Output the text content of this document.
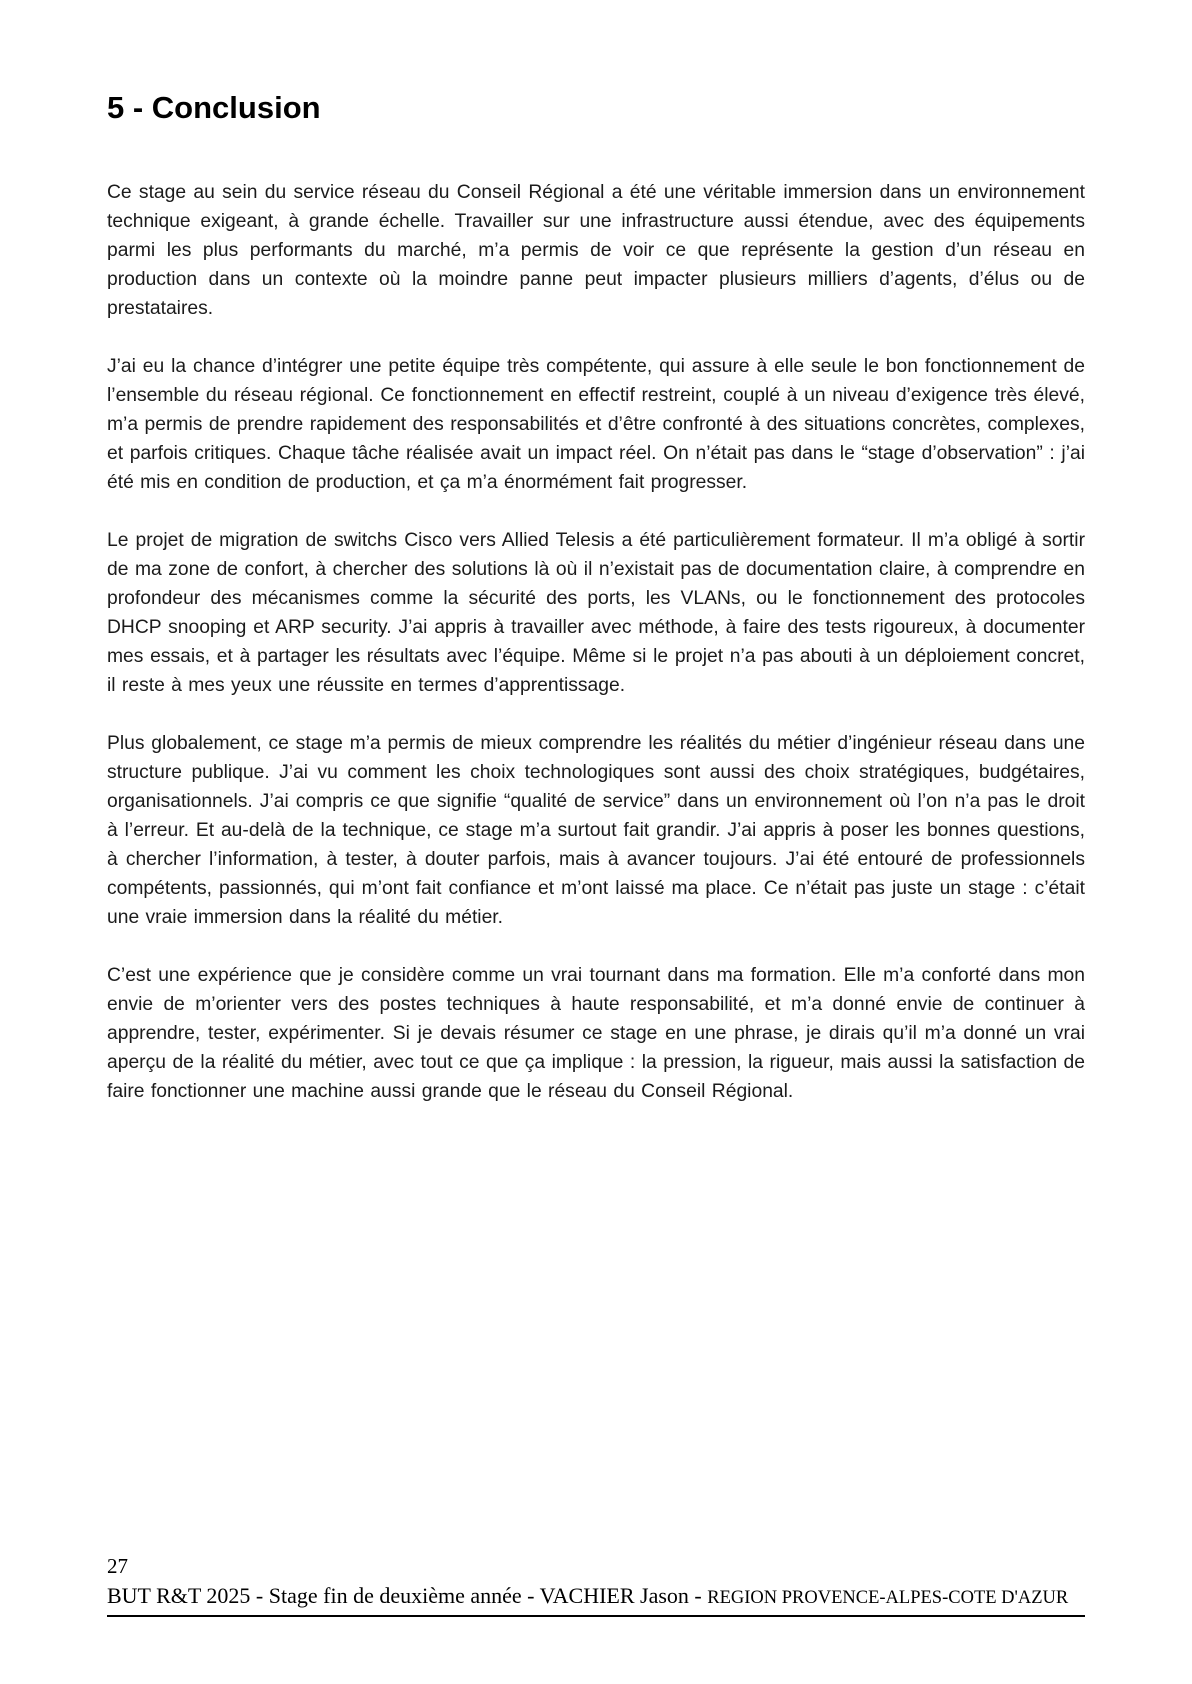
5 - Conclusion

Ce stage au sein du service réseau du Conseil Régional a été une véritable immersion dans un environnement technique exigeant, à grande échelle. Travailler sur une infrastructure aussi étendue, avec des équipements parmi les plus performants du marché, m’a permis de voir ce que représente la gestion d’un réseau en production dans un contexte où la moindre panne peut impacter plusieurs milliers d’agents, d’élus ou de prestataires.

J’ai eu la chance d’intégrer une petite équipe très compétente, qui assure à elle seule le bon fonctionnement de l’ensemble du réseau régional. Ce fonctionnement en effectif restreint, couplé à un niveau d’exigence très élevé, m’a permis de prendre rapidement des responsabilités et d’être confronté à des situations concrètes, complexes, et parfois critiques. Chaque tâche réalisée avait un impact réel. On n’était pas dans le “stage d’observation” : j’ai été mis en condition de production, et ça m’a énormément fait progresser.

Le projet de migration de switchs Cisco vers Allied Telesis a été particulièrement formateur. Il m’a obligé à sortir de ma zone de confort, à chercher des solutions là où il n’existait pas de documentation claire, à comprendre en profondeur des mécanismes comme la sécurité des ports, les VLANs, ou le fonctionnement des protocoles DHCP snooping et ARP security. J’ai appris à travailler avec méthode, à faire des tests rigoureux, à documenter mes essais, et à partager les résultats avec l’équipe. Même si le projet n’a pas abouti à un déploiement concret, il reste à mes yeux une réussite en termes d’apprentissage.

Plus globalement, ce stage m’a permis de mieux comprendre les réalités du métier d’ingénieur réseau dans une structure publique. J’ai vu comment les choix technologiques sont aussi des choix stratégiques, budgétaires, organisationnels. J’ai compris ce que signifie “qualité de service” dans un environnement où l’on n’a pas le droit à l’erreur. Et au-delà de la technique, ce stage m’a surtout fait grandir. J’ai appris à poser les bonnes questions, à chercher l’information, à tester, à douter parfois, mais à avancer toujours. J’ai été entouré de professionnels compétents, passionnés, qui m’ont fait confiance et m’ont laissé ma place. Ce n’était pas juste un stage : c’était une vraie immersion dans la réalité du métier.

C’est une expérience que je considère comme un vrai tournant dans ma formation. Elle m’a conforté dans mon envie de m’orienter vers des postes techniques à haute responsabilité, et m’a donné envie de continuer à apprendre, tester, expérimenter. Si je devais résumer ce stage en une phrase, je dirais qu’il m’a donné un vrai aperçu de la réalité du métier, avec tout ce que ça implique : la pression, la rigueur, mais aussi la satisfaction de faire fonctionner une machine aussi grande que le réseau du Conseil Régional.

27
BUT R&T 2025 - Stage fin de deuxième année - VACHIER Jason - REGION PROVENCE-ALPES-COTE D'AZUR
